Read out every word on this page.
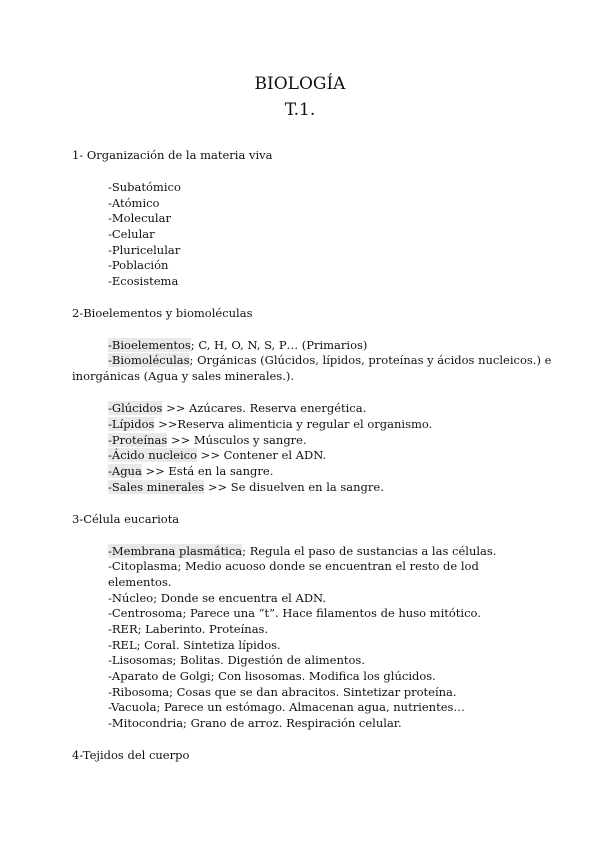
BIOLOGÍA
T.1.
1- Organización de la materia viva
-Subatómico
-Atómico
-Molecular
-Celular
-Pluricelular
-Población
-Ecosistema
2-Bioelementos y biomoléculas
-Bioelementos; C, H, O, N, S, P… (Primarios)
-Biomoléculas; Orgánicas (Glúcidos, lípidos, proteínas y ácidos nucleicos.) e
inorgánicas (Agua y sales minerales.).
-Glúcidos >> Azúcares. Reserva energética.
-Lípidos >>Reserva alimenticia y regular el organismo.
-Proteínas >> Músculos y sangre.
-Ácido nucleico >> Contener el ADN.
-Agua >> Está en la sangre.
-Sales minerales >> Se disuelven en la sangre.
3-Célula eucariota
-Membrana plasmática; Regula el paso de sustancias a las células.
-Citoplasma; Medio acuoso donde se encuentran el resto de lod
elementos.
-Núcleo; Donde se encuentra el ADN.
-Centrosoma; Parece una “t”. Hace filamentos de huso mitótico.
-RER; Laberinto. Proteínas.
-REL; Coral. Sintetiza lípidos.
-Lisosomas; Bolitas. Digestión de alimentos.
-Aparato de Golgi; Con lisosomas. Modifica los glúcidos.
-Ribosoma; Cosas que se dan abracitos. Sintetizar proteína.
-Vacuola; Parece un estómago. Almacenan agua, nutrientes…
-Mitocondria; Grano de arroz. Respiración celular.
4-Tejidos del cuerpo
